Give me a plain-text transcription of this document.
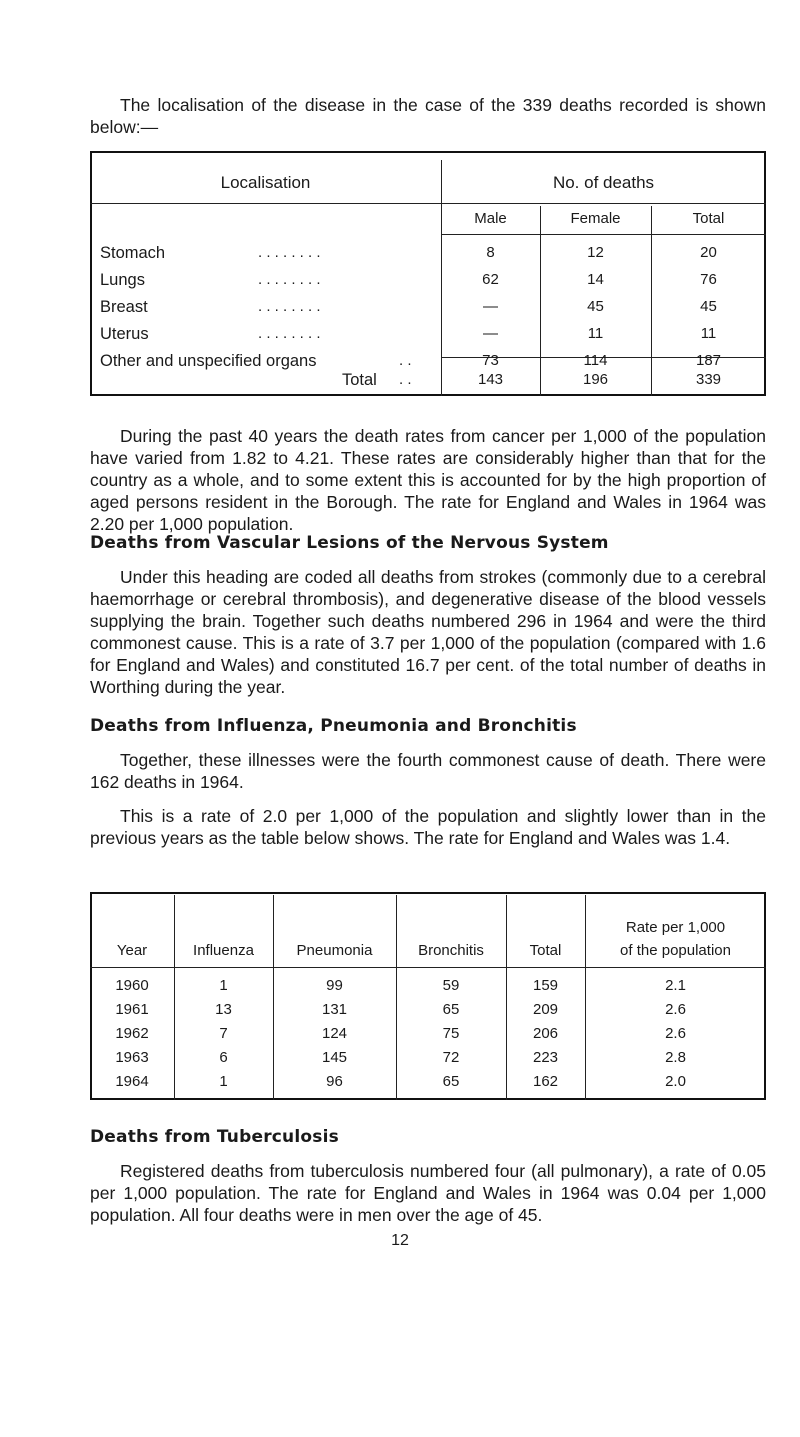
The localisation of the disease in the case of the 339 deaths recorded is shown below:—

Localisation	No. of deaths
Male	Female	Total
Stomach	. . . . . . . .	8	12	20
Lungs	. . . . . . . .	62	14	76
Breast	. . . . . . . .	—	45	45
Uterus	. . . . . . . .	—	11	11
Other and unspecified organs	. .	73	114	187
Total . .	143	196	339

During the past 40 years the death rates from cancer per 1,000 of the population have varied from 1.82 to 4.21. These rates are considerably higher than that for the country as a whole, and to some extent this is accounted for by the high proportion of aged persons resident in the Borough. The rate for England and Wales in 1964 was 2.20 per 1,000 population.

Deaths from Vascular Lesions of the Nervous System

Under this heading are coded all deaths from strokes (commonly due to a cerebral haemorrhage or cerebral thrombosis), and degenerative disease of the blood vessels supplying the brain. Together such deaths numbered 296 in 1964 and were the third commonest cause. This is a rate of 3.7 per 1,000 of the population (compared with 1.6 for England and Wales) and constituted 16.7 per cent. of the total number of deaths in Worthing during the year.

Deaths from Influenza, Pneumonia and Bronchitis

Together, these illnesses were the fourth commonest cause of death. There were 162 deaths in 1964.

This is a rate of 2.0 per 1,000 of the population and slightly lower than in the previous years as the table below shows. The rate for England and Wales was 1.4.

Year	Influenza	Pneumonia	Bronchitis	Total
Rate per 1,000
of the population
1960	1	99	59	159	2.1
1961	13	131	65	209	2.6
1962	7	124	75	206	2.6
1963	6	145	72	223	2.8
1964	1	96	65	162	2.0
Deaths from Tuberculosis

Registered deaths from tuberculosis numbered four (all pulmonary), a rate of 0.05 per 1,000 population. The rate for England and Wales in 1964 was 0.04 per 1,000 population. All four deaths were in men over the age of 45.

12
